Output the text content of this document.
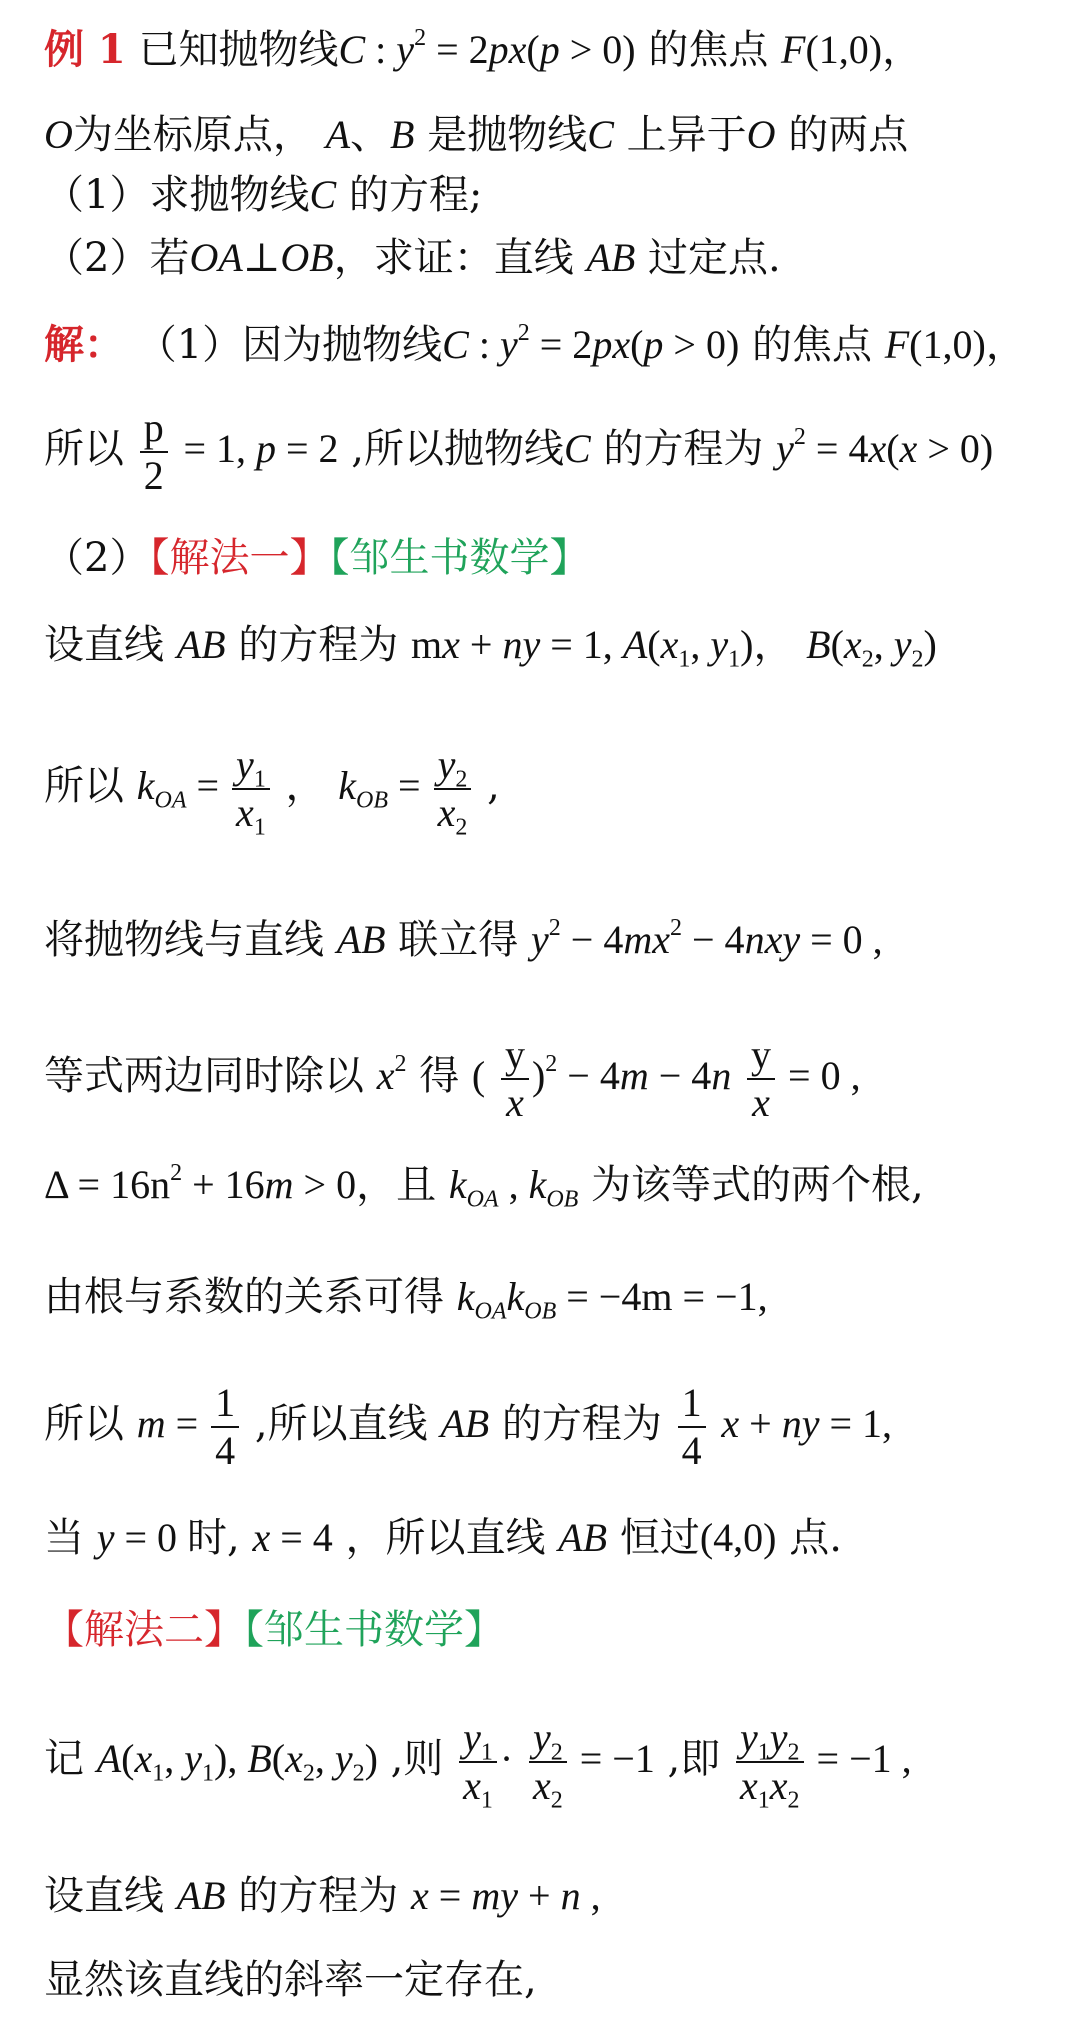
例 1 已知抛物线C : $y^2 = 2px(p > 0)$ 的焦点 F(1,0)，
O为坐标原点， A、B 是抛物线C 上异于O 的两点
（1）求抛物线C 的方程;
（2）若OA⊥OB，求证：直线 AB 过定点.
解： （1）因为抛物线C : $y^2 = 2px(p > 0)$ 的焦点 F(1,0)，
所以 $\frac{p}{2} = 1$, p = 2 ,所以抛物线C 的方程为 $y^2 = 4x(x > 0)$
（2）【解法一】【邹生书数学】
设直线 AB 的方程为 mx + ny = 1, $A(x_1$, $y_1$)， $B(x_2$, $y_2$)
所以 $k_{OA} = \frac{y_1}{x_1}$ ， $k_{OB} = \frac{y_2}{x_2}$ ,
将抛物线与直线 AB 联立得 $y^2 - 4mx^2 - 4nxy = 0$ ,
等式两边同时除以 $x^2$ 得 ( $\frac{y}{x} )^2 - 4m - 4n \frac{y}{x} = 0$ ,
$\Delta = 16n^2 + 16m > 0$，且 $k_{OA}$ , $k_{OB}$ 为该等式的两个根,
由根与系数的关系可得 $k_{OA}k_{OB} = -4m = -1$,
所以 $m = \frac{1}{4}$ ,所以直线 AB 的方程为 $\frac{1}{4}$ x + ny = 1,
当 y = 0 时, x = 4 ，所以直线 AB 恒过(4,0) 点.
【解法二】【邹生书数学】
记 $A(x_1$, $y_1$), $B(x_2$, $y_2$) ,则 $\frac{y_1}{x_1} \cdot \frac{y_2}{x_2} = -1$ ,即 $\frac{y_1y_2}{x_1x_2} = -1$ ,
设直线 AB 的方程为 x = my + n ,
显然该直线的斜率一定存在,
